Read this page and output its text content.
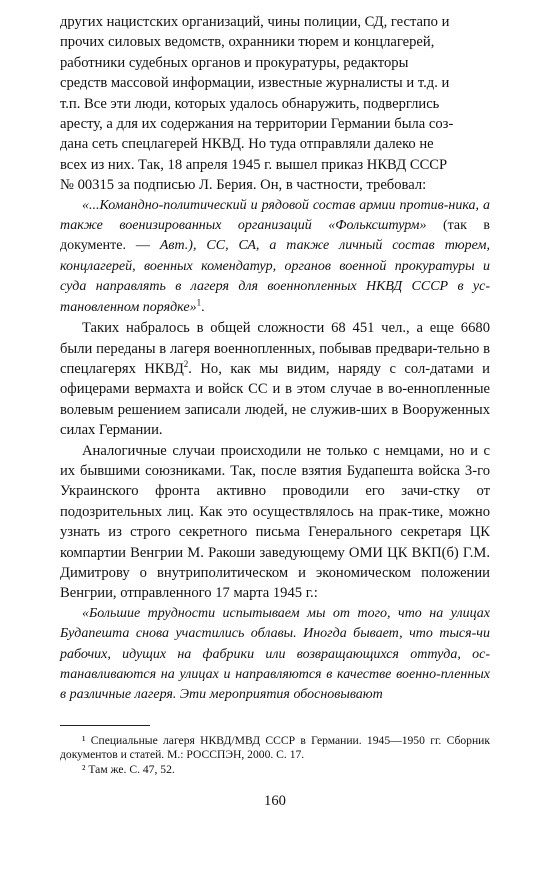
других нацистских организаций, чины полиции, СД, гестапо и
прочих силовых ведомств, охранники тюрем и концлагерей,
работники судебных органов и прокуратуры, редакторы
средств массовой информации, известные журналисты и т.д. и
т.п. Все эти люди, которых удалось обнаружить, подверглись
аресту, а для их содержания на территории Германии была соз-
дана сеть спецлагерей НКВД. Но туда отправляли далеко не
всех из них. Так, 18 апреля 1945 г. вышел приказ НКВД СССР
№ 00315 за подписью Л. Берия. Он, в частности, требовал:

«...Командно-политический и рядовой состав армии против-ника, а также военизированных организаций «Фольксштурм» (так в документе. — Авт.), СС, СА, а также личный состав тюрем, концлагерей, военных комендатур, органов военной прокуратуры и суда направлять в лагеря для военнопленных НКВД СССР в ус-тановленном порядке»$^1$.

Таких набралось в общей сложности 68 451 чел., а еще 6680 были переданы в лагеря военнопленных, побывав предвари-тельно в спецлагерях НКВД$^2$. Но, как мы видим, наряду с сол-датами и офицерами вермахта и войск СС и в этом случае в во-еннопленные волевым решением записали людей, не служив-ших в Вооруженных силах Германии.

Аналогичные случаи происходили не только с немцами, но и с их бывшими союзниками. Так, после взятия Будапешта войска 3-го Украинского фронта активно проводили его зачи-стку от подозрительных лиц. Как это осуществлялось на прак-тике, можно узнать из строго секретного письма Генерального секретаря ЦК компартии Венгрии М. Ракоши заведующему ОМИ ЦК ВКП(б) Г.М. Димитрову о внутриполитическом и экономическом положении Венгрии, отправленного 17 марта 1945 г.:

«Большие трудности испытываем мы от того, что на улицах Будапешта снова участились облавы. Иногда бывает, что тыся-чи рабочих, идущих на фабрики или возвращающихся оттуда, ос-танавливаются на улицах и направляются в качестве военно-пленных в различные лагеря. Эти мероприятия обосновывают

¹ Специальные лагеря НКВД/МВД СССР в Германии. 1945—1950 гг. Сборник документов и статей. М.: РОССПЭН, 2000. С. 17.

² Там же. С. 47, 52.

160
